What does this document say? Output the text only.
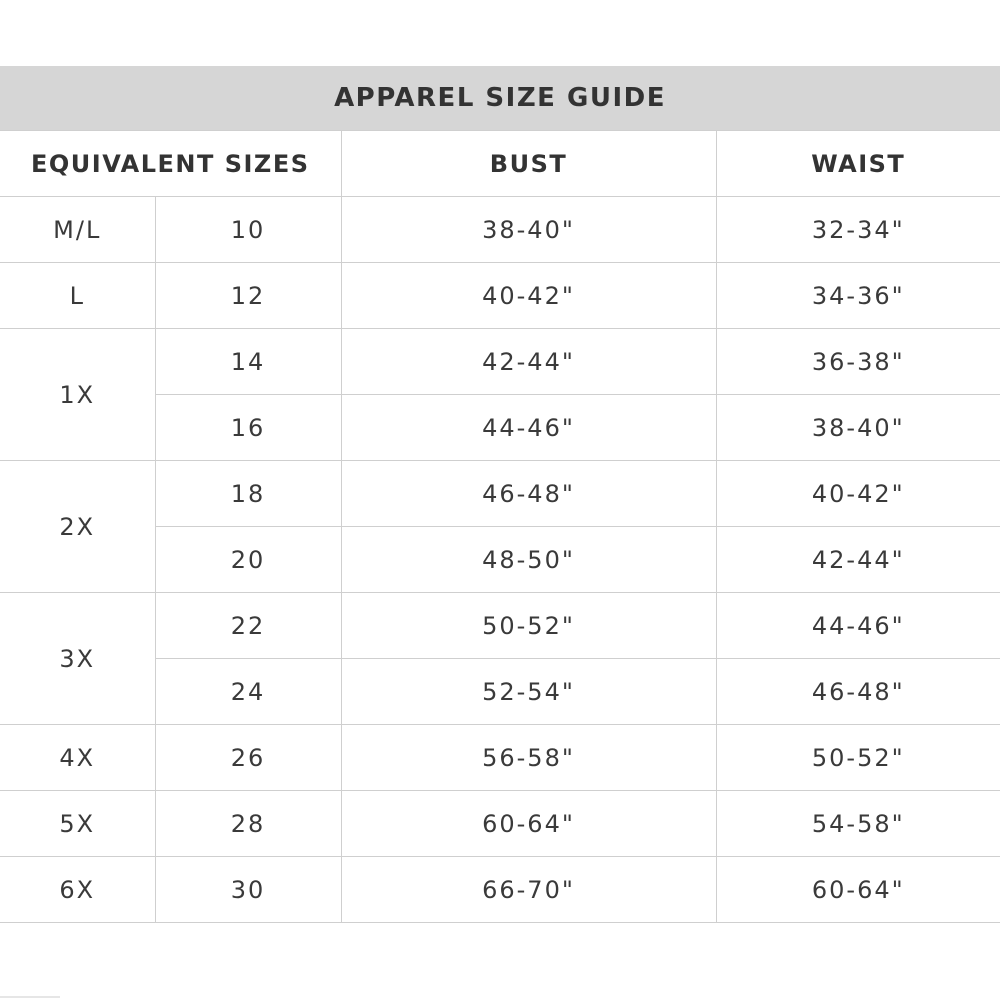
APPAREL SIZE GUIDE			
EQUIVALENT SIZES		BUST	WAIST
M/L	10	38-40"	32-34"
L	12	40-42"	34-36"
1X	14	42-44"	36-38"
	16	44-46"	38-40"
2X	18	46-48"	40-42"
	20	48-50"	42-44"
3X	22	50-52"	44-46"
	24	52-54"	46-48"
4X	26	56-58"	50-52"
5X	28	60-64"	54-58"
6X	30	66-70"	60-64"
